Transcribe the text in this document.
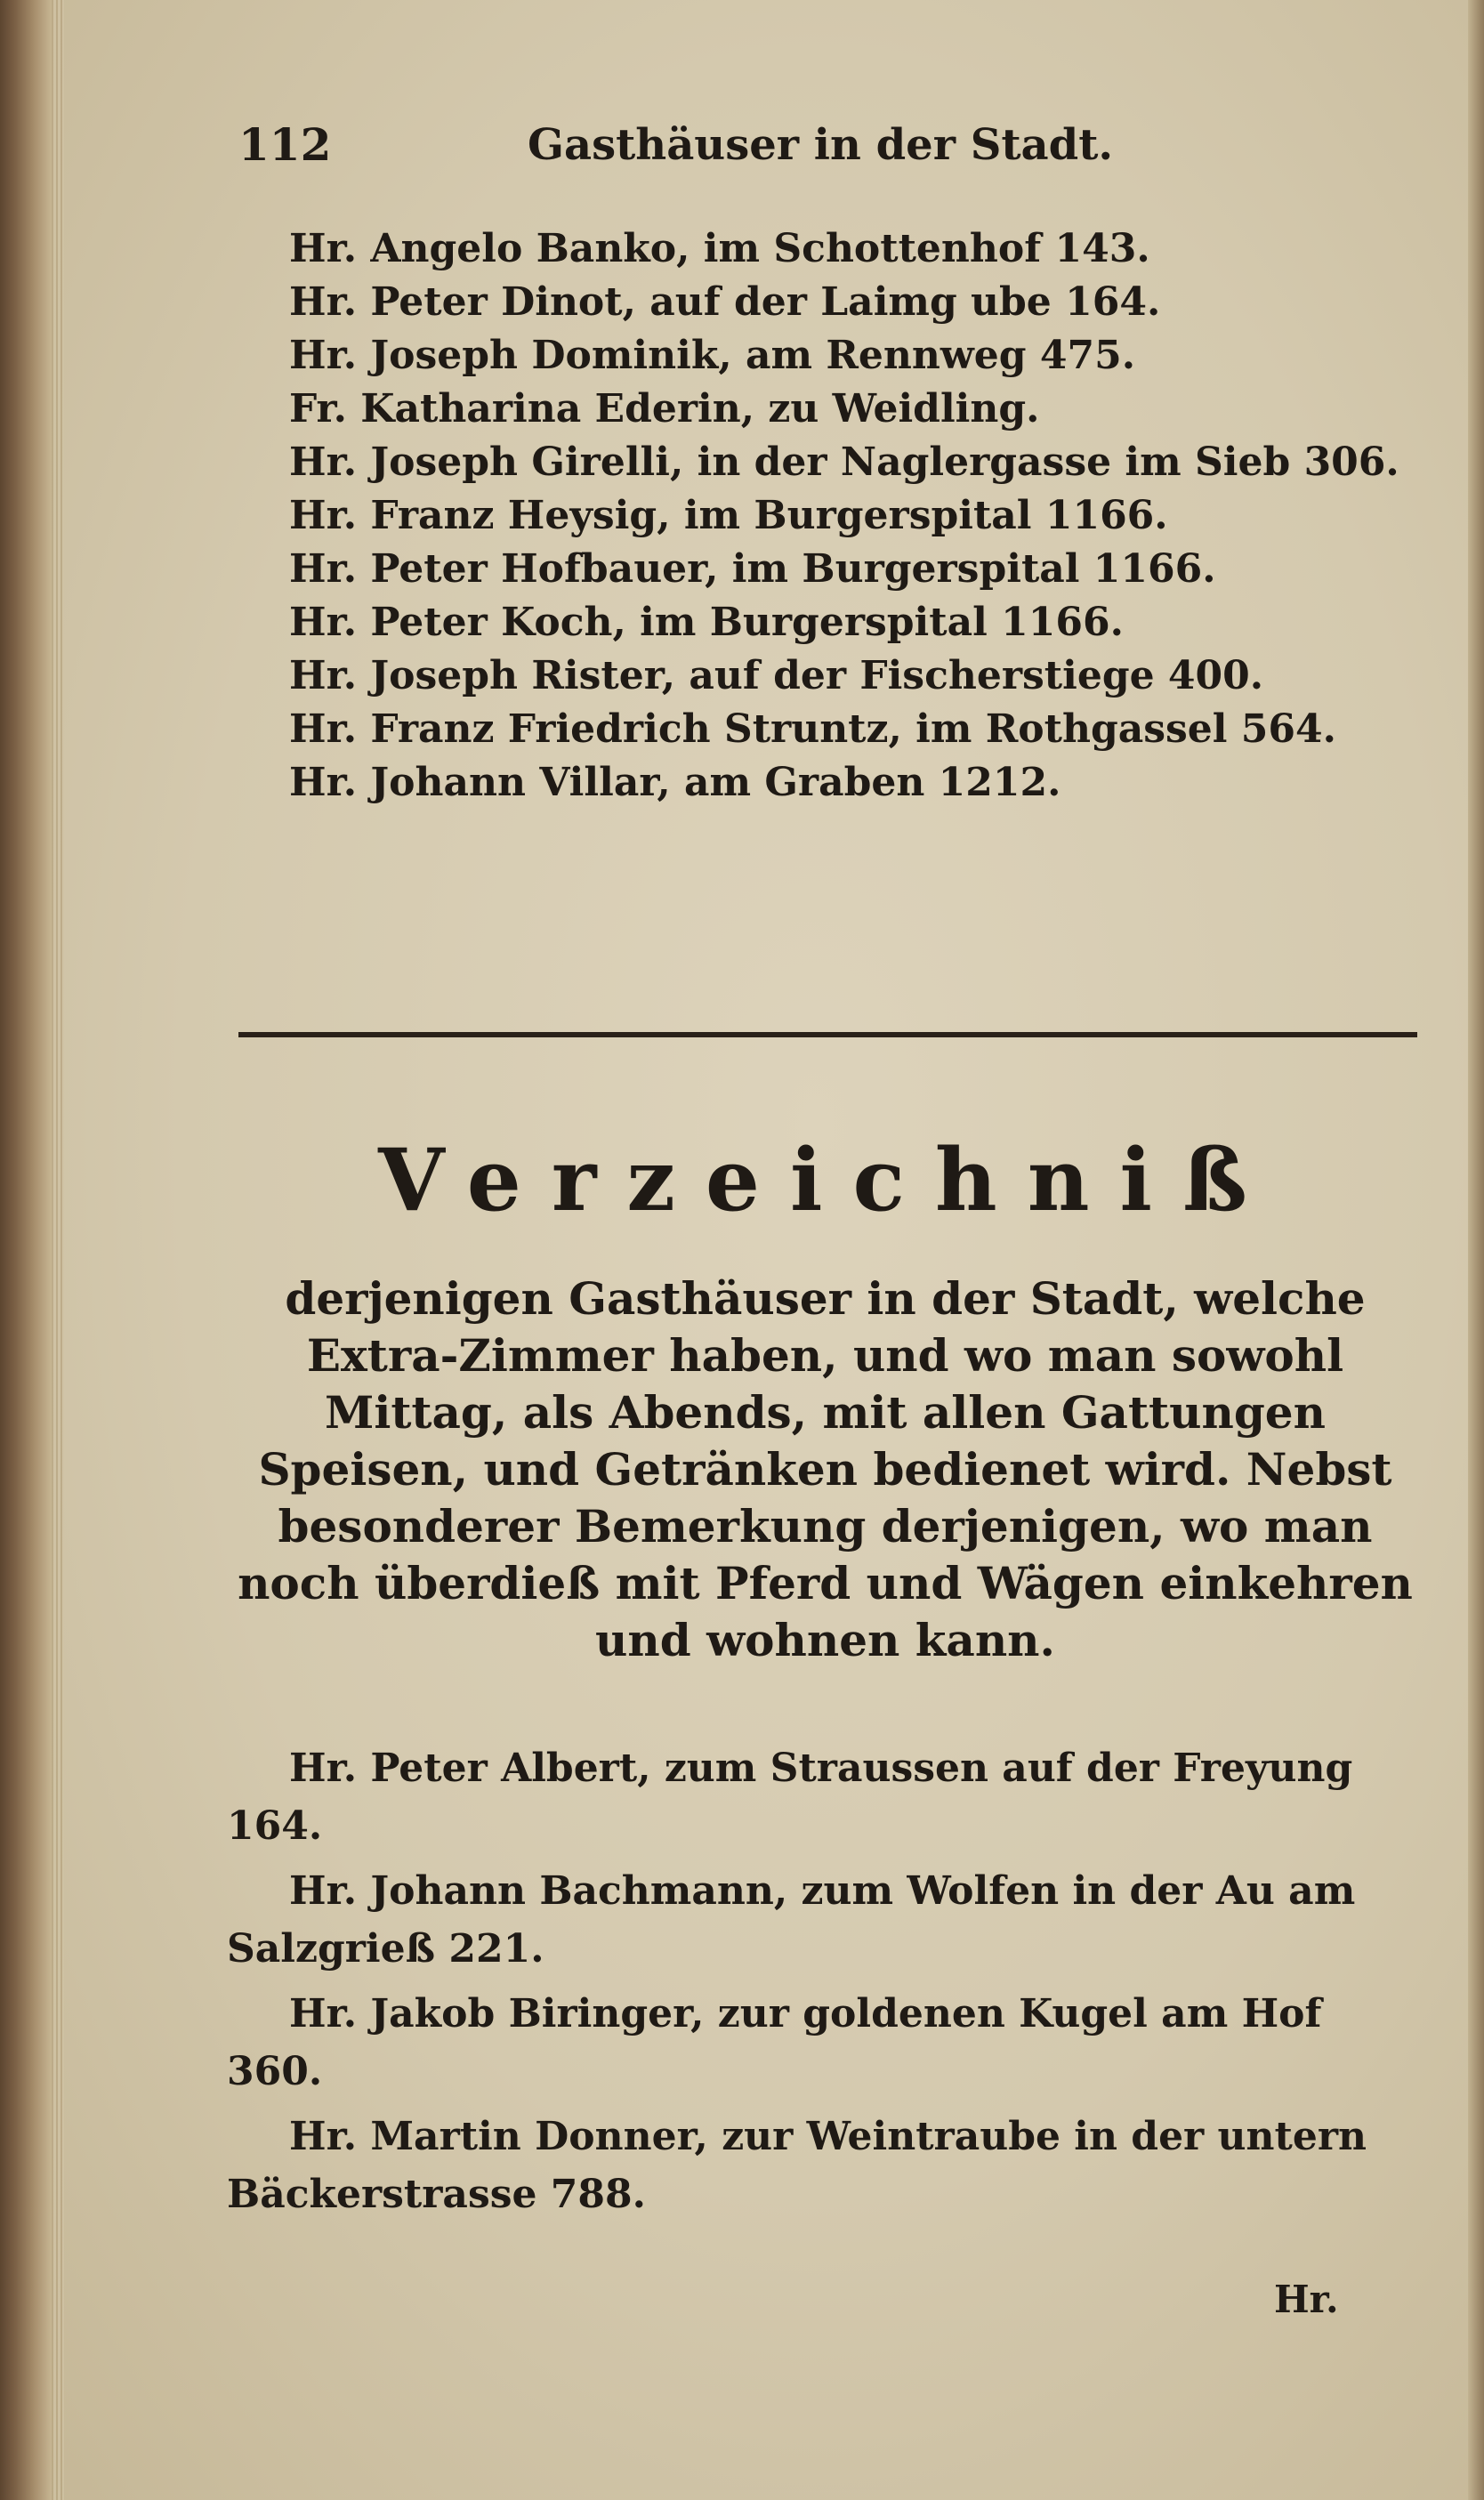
112	Gasthäuser in der Stadt.
Hr. Angelo Banko, im Schottenhof 143.
Hr. Peter Dinot, auf der Laimg ube 164.
Hr. Joseph Dominik, am Rennweg 475.
Fr. Katharina Ederin, zu Weidling.
Hr. Joseph Girelli, in der Naglergasse im Sieb 306.
Hr. Franz Heysig, im Burgerspital 1166.
Hr. Peter Hofbauer, im Burgerspital 1166.
Hr. Peter Koch, im Burgerspital 1166.
Hr. Joseph Rister, auf der Fischerstiege 400.
Hr. Franz Friedrich Struntz, im Rothgassel 564.
Hr. Johann Villar, am Graben 1212.
Verzeichniß

derjenigen Gasthäuser in der Stadt, welche Extra-Zimmer haben, und wo man sowohl Mittag, als Abends, mit allen Gattungen Speisen, und Getränken bedienet wird. Nebst besonderer Bemerkung derjenigen, wo man noch überdieß mit Pferd und Wägen einkehren und wohnen kann.

Hr. Peter Albert, zum Straussen auf der Freyung 164.
Hr. Johann Bachmann, zum Wolfen in der Au am Salzgrieß 221.
Hr. Jakob Biringer, zur goldenen Kugel am Hof 360.
Hr. Martin Donner, zur Weintraube in der untern Bäckerstrasse 788.
Hr.
